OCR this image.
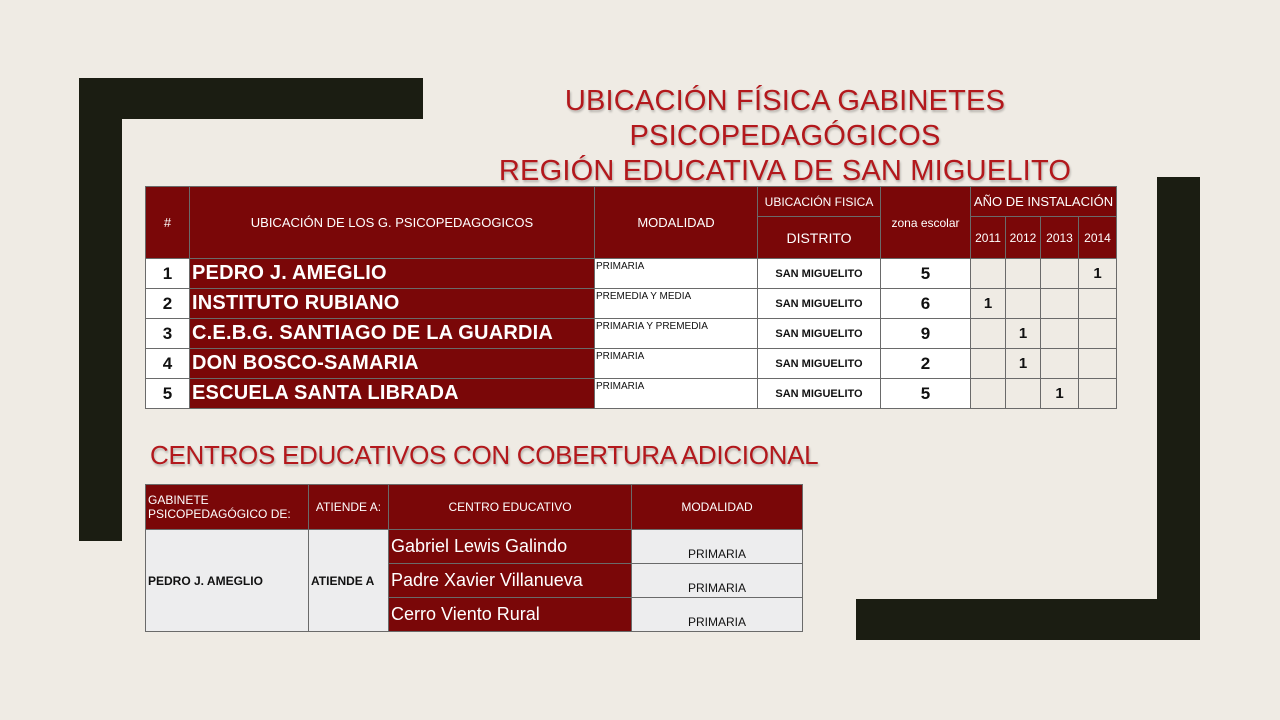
UBICACIÓN FÍSICA GABINETES PSICOPEDAGÓGICOS
REGIÓN EDUCATIVA DE SAN MIGUELITO
#	UBICACIÓN DE LOS G. PSICOPEDAGOGICOS	MODALIDAD	UBICACIÓN FISICA	zona escolar	AÑO DE INSTALACIÓN			
			DISTRITO		2011	2012	2013	2014
1	PEDRO J. AMEGLIO	PRIMARIA	SAN MIGUELITO	5				1
2	INSTITUTO RUBIANO	PREMEDIA Y MEDIA	SAN MIGUELITO	6	1			
3	C.E.B.G. SANTIAGO DE LA GUARDIA	PRIMARIA Y PREMEDIA	SAN MIGUELITO	9		1		
4	DON BOSCO-SAMARIA	PRIMARIA	SAN MIGUELITO	2		1		
5	ESCUELA SANTA LIBRADA	PRIMARIA	SAN MIGUELITO	5			1	
CENTROS EDUCATIVOS CON COBERTURA ADICIONAL
GABINETE PSICOPEDAGÓGICO DE:	ATIENDE A:	CENTRO EDUCATIVO	MODALIDAD
PEDRO J. AMEGLIO	ATIENDE A	Gabriel Lewis Galindo	PRIMARIA
		Padre Xavier Villanueva	PRIMARIA
		Cerro Viento Rural	PRIMARIA
